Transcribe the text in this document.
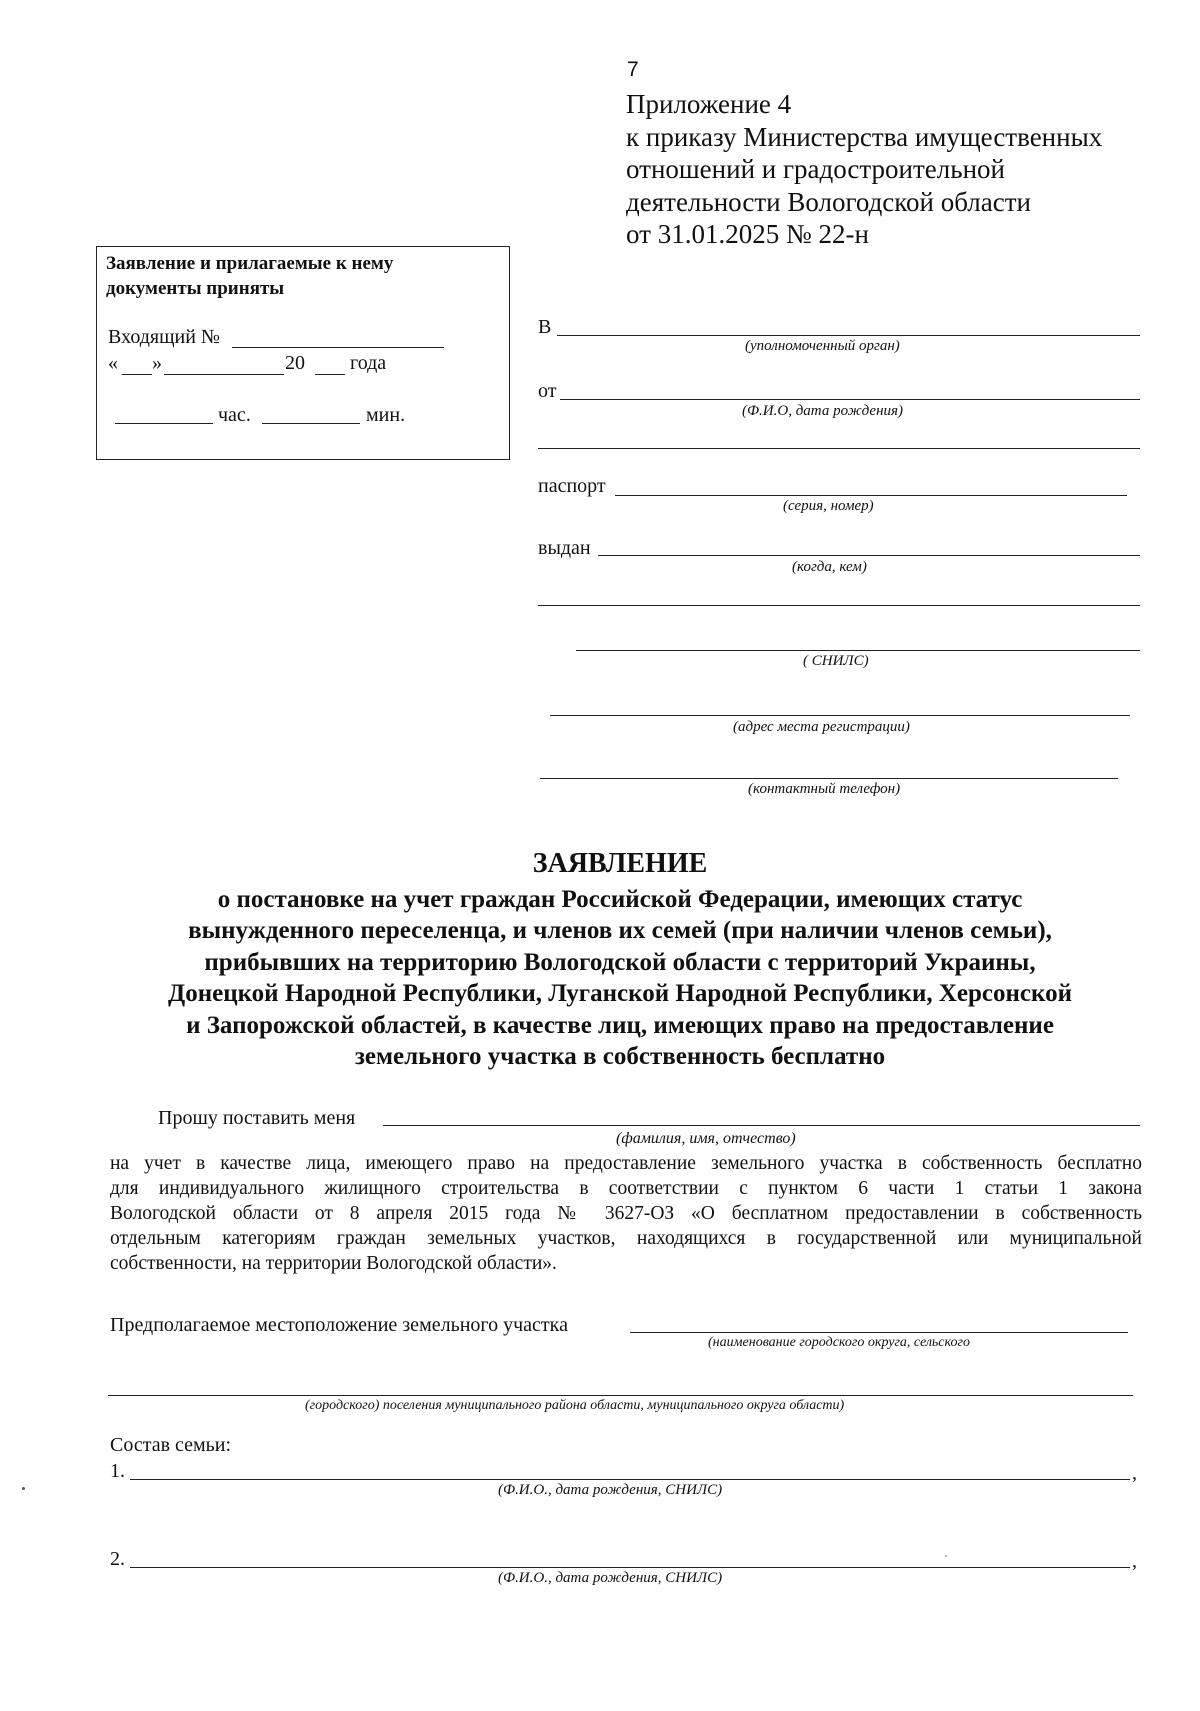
7
Приложение 4
к приказу Министерства имущественных
отношений и градостроительной
деятельности Вологодской области
от 31.01.2025 № 22-н
Заявление и прилагаемые к нему
документы приняты
Входящий №
« »	20 года
час.	мин.
В
(уполномоченный орган)
от
(Ф.И.О, дата рождения)
паспорт
(серия, номер)
выдан
(когда, кем)
( СНИЛС)
(адрес места регистрации)
(контактный телефон)
ЗАЯВЛЕНИЕ
о постановке на учет граждан Российской Федерации, имеющих статус
вынужденного переселенца, и членов их семей (при наличии членов семьи),
прибывших на территорию Вологодской области с территорий Украины,
Донецкой Народной Республики, Луганской Народной Республики, Херсонской
и Запорожской областей, в качестве лиц, имеющих право на предоставление
земельного участка в собственность бесплатно
Прошу поставить меня
(фамилия, имя, отчество)
на учет в качестве лица, имеющего право на предоставление земельного участка в собственность бесплатно
для индивидуального жилищного строительства в соответствии с пунктом 6 части 1 статьи 1 закона
Вологодской области от 8 апреля 2015 года № 3627-ОЗ «О бесплатном предоставлении в собственность
отдельным категориям граждан земельных участков, находящихся в государственной или муниципальной
собственности, на территории Вологодской области».
Предполагаемое местоположение земельного участка
(наименование городского округа, сельского
(городского) поселения муниципального района области, муниципального округа области)
Состав семьи:
1.	,
(Ф.И.О., дата рождения, СНИЛС)
2.	,
(Ф.И.О., дата рождения, СНИЛС)
